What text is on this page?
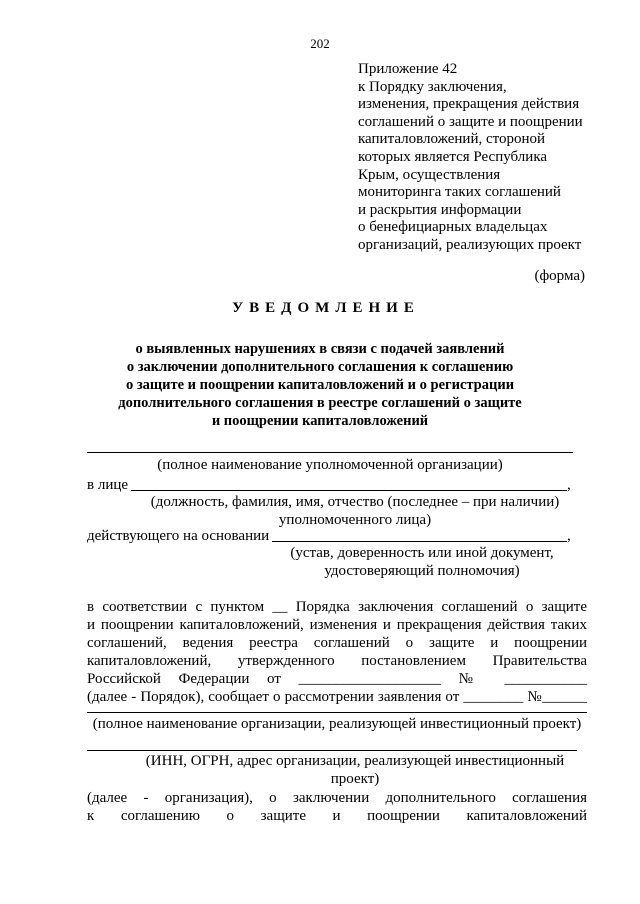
202
Приложение 42
к Порядку заключения,
изменения, прекращения действия
соглашений о защите и поощрении
капиталовложений, стороной
которых является Республика
Крым, осуществления
мониторинга таких соглашений
и раскрытия информации
о бенефициарных владельцах
организаций, реализующих проект
(форма)
УВЕДОМЛЕНИЕ
о выявленных нарушениях в связи с подачей заявлений
о заключении дополнительного соглашения к соглашению
о защите и поощрении капиталовложений и о регистрации
дополнительного соглашения в реестре соглашений о защите
и поощрении капиталовложений
(полное наименование уполномоченной организации)
в лице	,
(должность, фамилия, имя, отчество (последнее – при наличии)
уполномоченного лица)
действующего на основании	,
(устав, доверенность или иной документ,
удостоверяющий полномочия)
в соответствии с пунктом __ Порядка заключения соглашений о защите
и поощрении капиталовложений, изменения и прекращения действия таких
соглашений, ведения реестра соглашений о защите и поощрении
капиталовложений, утвержденного постановлением Правительства
Российской Федерации от ___________________ № ___________
(далее - Порядок), сообщает о рассмотрении заявления от ________ №______
(полное наименование организации, реализующей инвестиционный проект)
(ИНН, ОГРН, адрес организации, реализующей инвестиционный
проект)
(далее - организация), о заключении дополнительного соглашения
к соглашению о защите и поощрении капиталовложений
